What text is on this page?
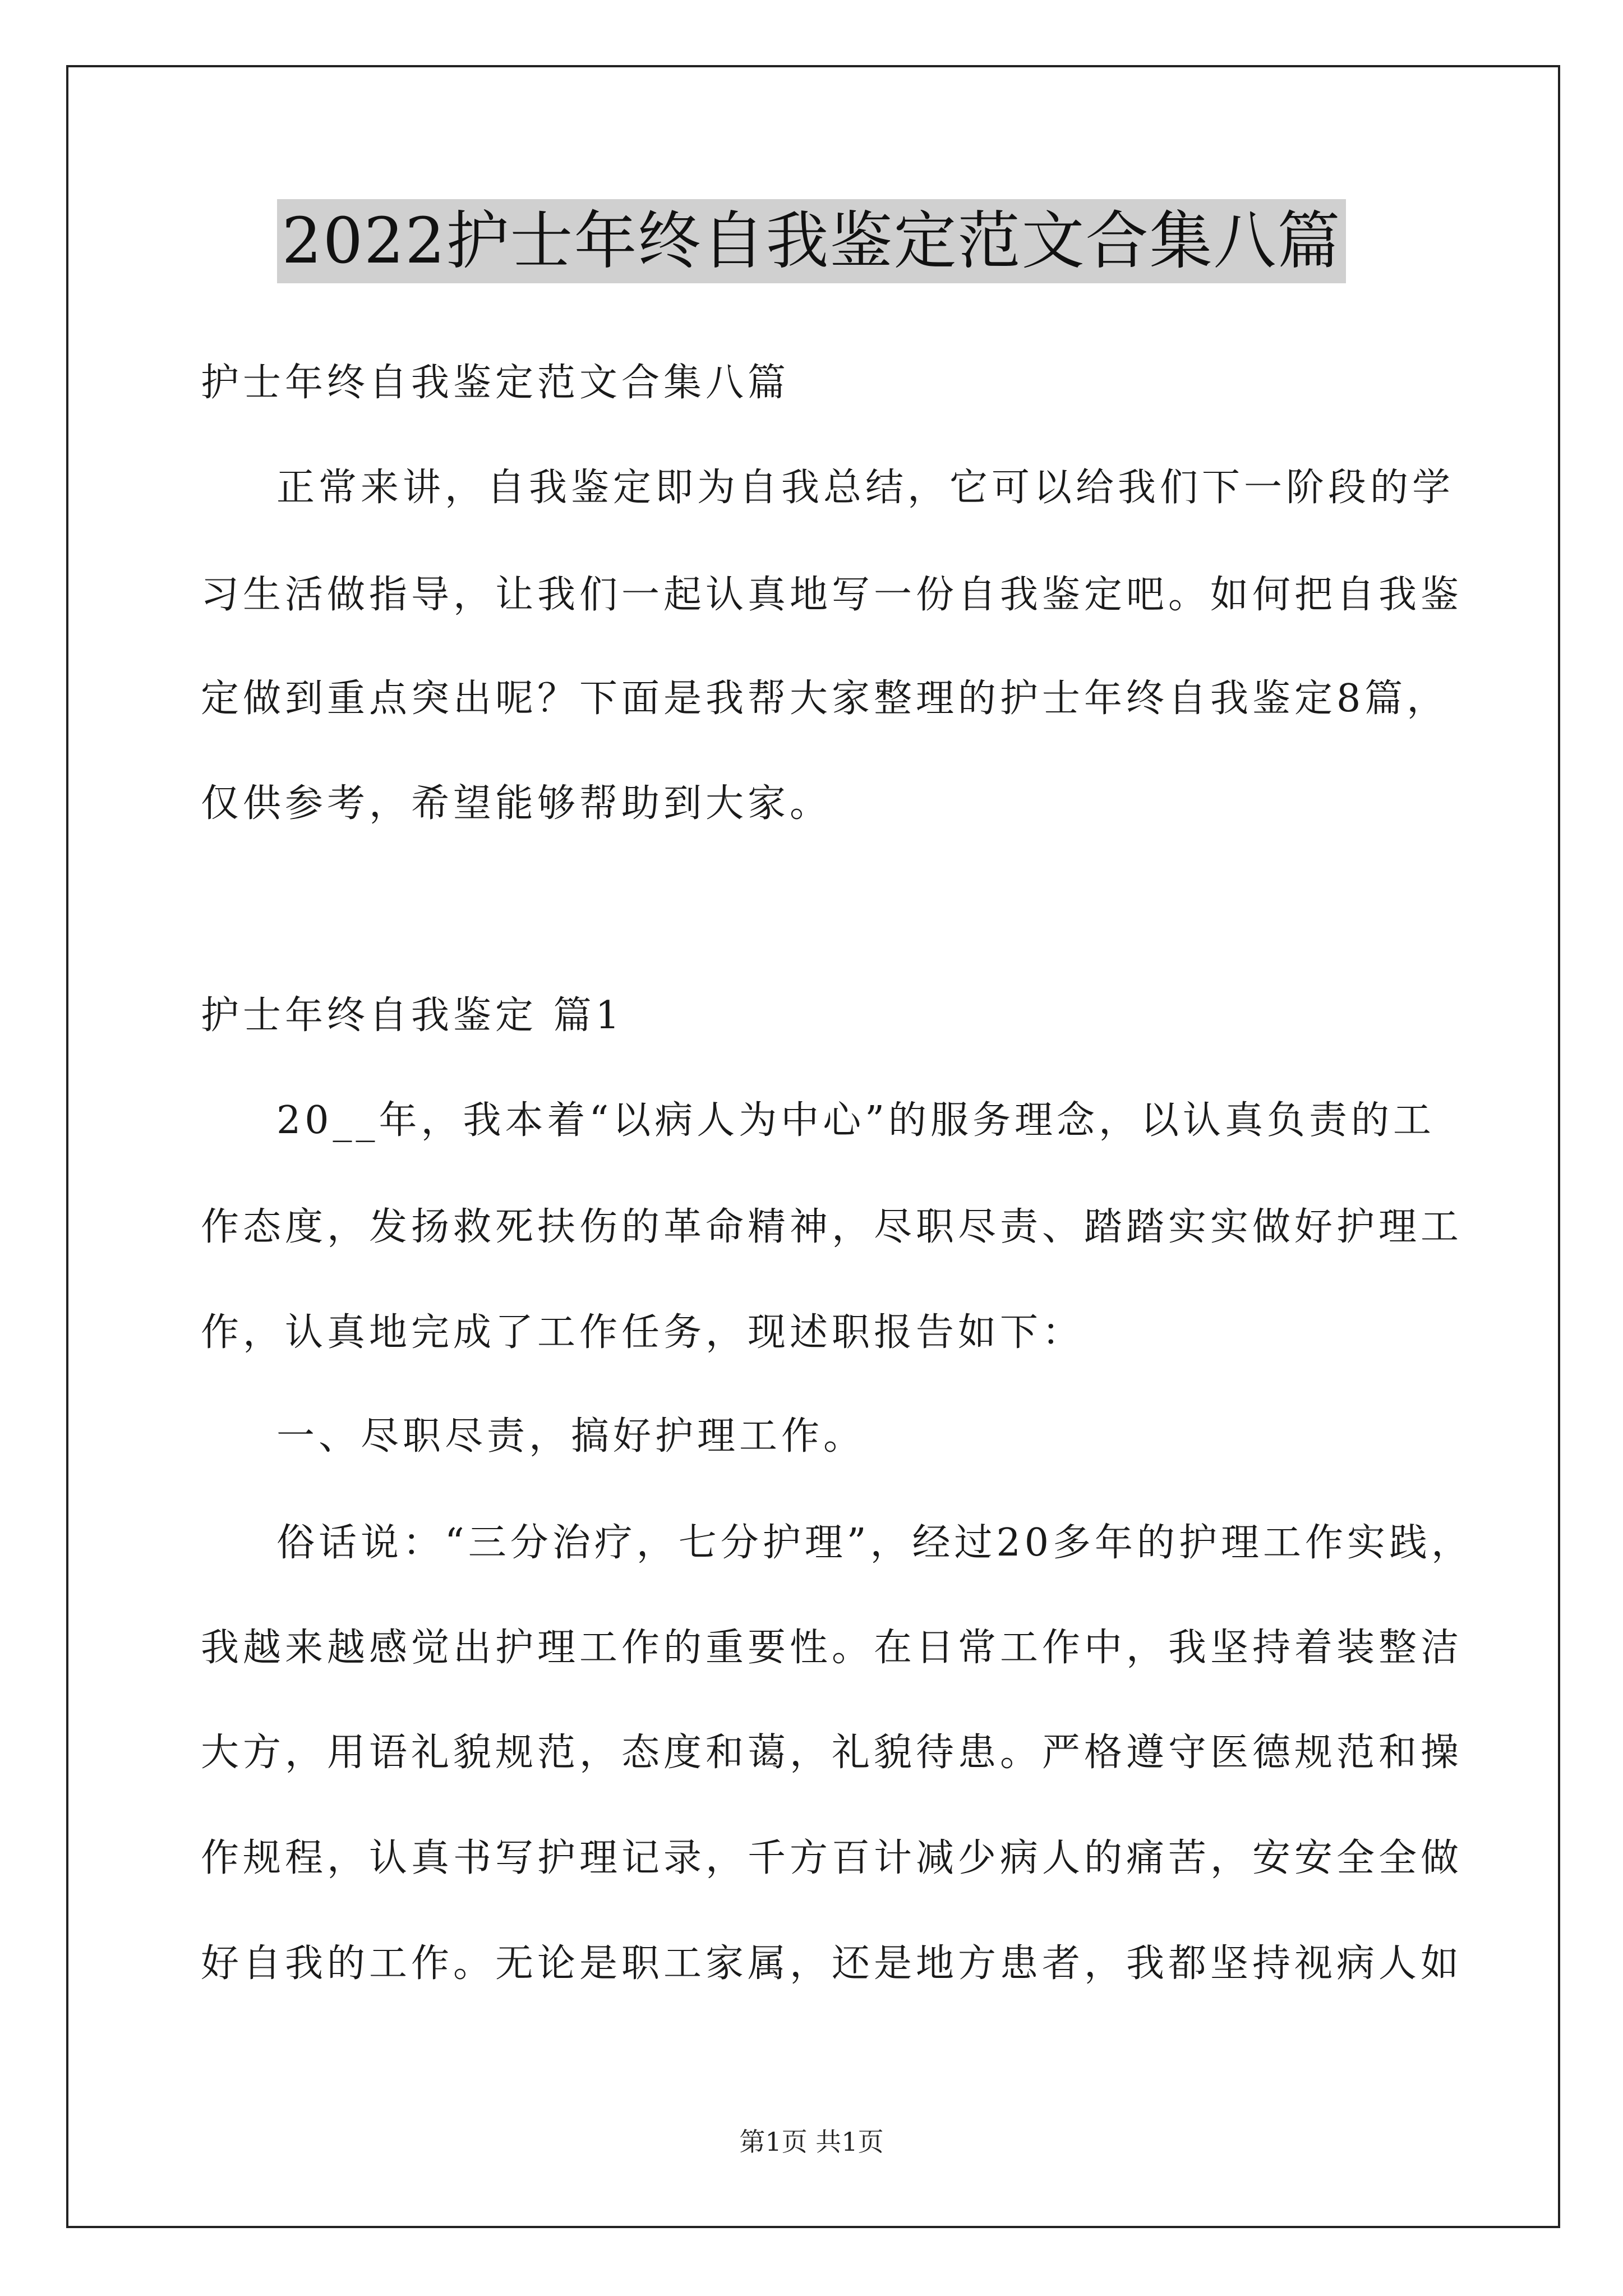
2022护士年终自我鉴定范文合集八篇
护士年终自我鉴定范文合集八篇
正常来讲，自我鉴定即为自我总结，它可以给我们下一阶段的学
习生活做指导，让我们一起认真地写一份自我鉴定吧。如何把自我鉴
定做到重点突出呢？下面是我帮大家整理的护士年终自我鉴定8篇，
仅供参考，希望能够帮助到大家。
护士年终自我鉴定 篇1
20__年，我本着“以病人为中心”的服务理念，以认真负责的工
作态度，发扬救死扶伤的革命精神，尽职尽责、踏踏实实做好护理工
作，认真地完成了工作任务，现述职报告如下：
一、尽职尽责，搞好护理工作。
俗话说：“三分治疗，七分护理”，经过20多年的护理工作实践，
我越来越感觉出护理工作的重要性。在日常工作中，我坚持着装整洁
大方，用语礼貌规范，态度和蔼，礼貌待患。严格遵守医德规范和操
作规程，认真书写护理记录，千方百计减少病人的痛苦，安安全全做
好自我的工作。无论是职工家属，还是地方患者，我都坚持视病人如
第1页 共1页
